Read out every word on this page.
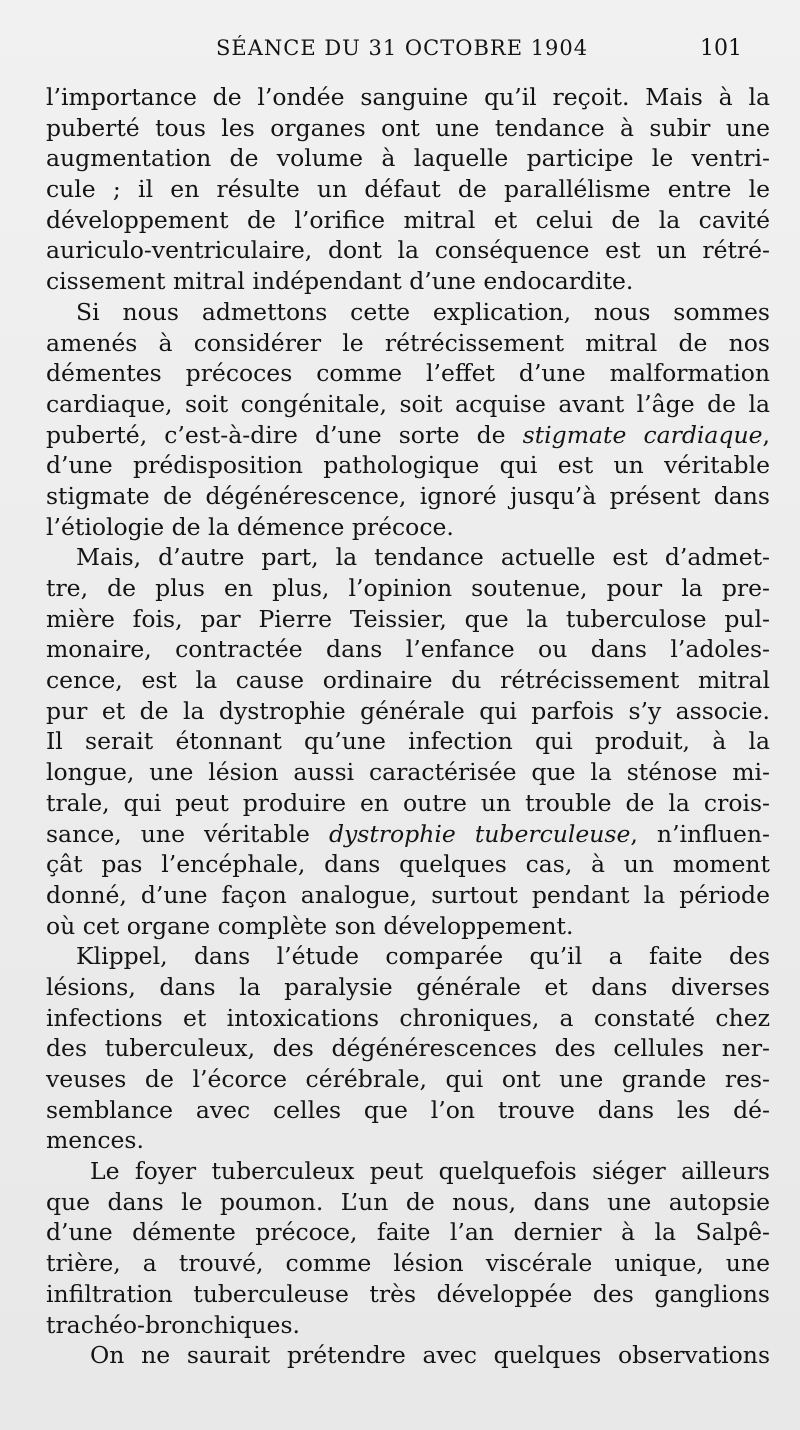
SÉANCE DU 31 OCTOBRE 1904	101
l’importance de l’ondée sanguine qu’il reçoit. Mais à la
puberté tous les organes ont une tendance à subir une
augmentation de volume à laquelle participe le ventri-
cule ; il en résulte un défaut de parallélisme entre le
développement de l’orifice mitral et celui de la cavité
auriculo-ventriculaire, dont la conséquence est un rétré-
cissement mitral indépendant d’une endocardite.
Si nous admettons cette explication, nous sommes
amenés à considérer le rétrécissement mitral de nos
démentes précoces comme l’effet d’une malformation
cardiaque, soit congénitale, soit acquise avant l’âge de la
puberté, c’est-à-dire d’une sorte de stigmate cardiaque,
d’une prédisposition pathologique qui est un véritable
stigmate de dégénérescence, ignoré jusqu’à présent dans
l’étiologie de la démence précoce.
Mais, d’autre part, la tendance actuelle est d’admet-
tre, de plus en plus, l’opinion soutenue, pour la pre-
mière fois, par Pierre Teissier, que la tuberculose pul-
monaire, contractée dans l’enfance ou dans l’adoles-
cence, est la cause ordinaire du rétrécissement mitral
pur et de la dystrophie générale qui parfois s’y associe.
Il serait étonnant qu’une infection qui produit, à la
longue, une lésion aussi caractérisée que la sténose mi-
trale, qui peut produire en outre un trouble de la crois-
sance, une véritable dystrophie tuberculeuse, n’influen-
çât pas l’encéphale, dans quelques cas, à un moment
donné, d’une façon analogue, surtout pendant la période
où cet organe complète son développement.
Klippel, dans l’étude comparée qu’il a faite des
lésions, dans la paralysie générale et dans diverses
infections et intoxications chroniques, a constaté chez
des tuberculeux, des dégénérescences des cellules ner-
veuses de l’écorce cérébrale, qui ont une grande res-
semblance avec celles que l’on trouve dans les dé-
mences.
Le foyer tuberculeux peut quelquefois siéger ailleurs
que dans le poumon. L’un de nous, dans une autopsie
d’une démente précoce, faite l’an dernier à la Salpê-
trière, a trouvé, comme lésion viscérale unique, une
infiltration tuberculeuse très développée des ganglions
trachéo-bronchiques.
On ne saurait prétendre avec quelques observations
